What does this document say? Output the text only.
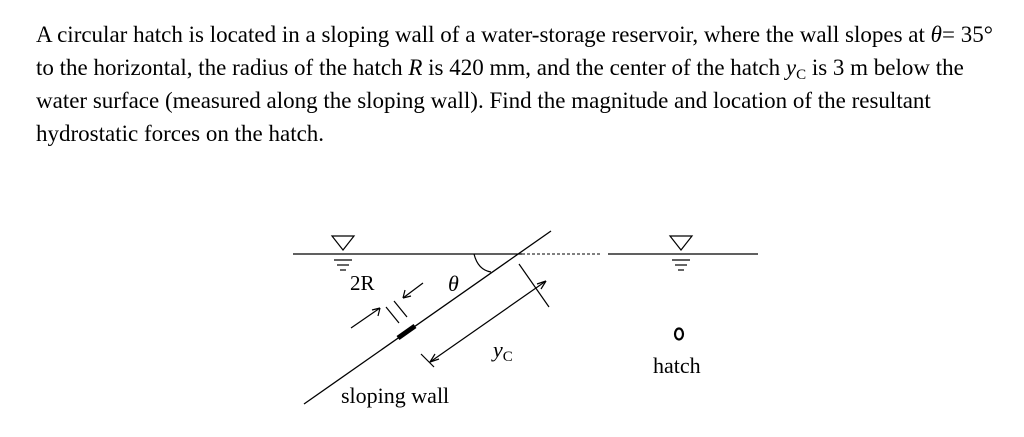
A circular hatch is located in a sloping wall of a water-storage reservoir, where the wall slopes at θ= 35° to the horizontal, the radius of the hatch R is 420 mm, and the center of the hatch $y_C$ is 3 m below the water surface (measured along the sloping wall). Find the magnitude and location of the resultant hydrostatic forces on the hatch.
2R	θ
yC
sloping wall
hatch
